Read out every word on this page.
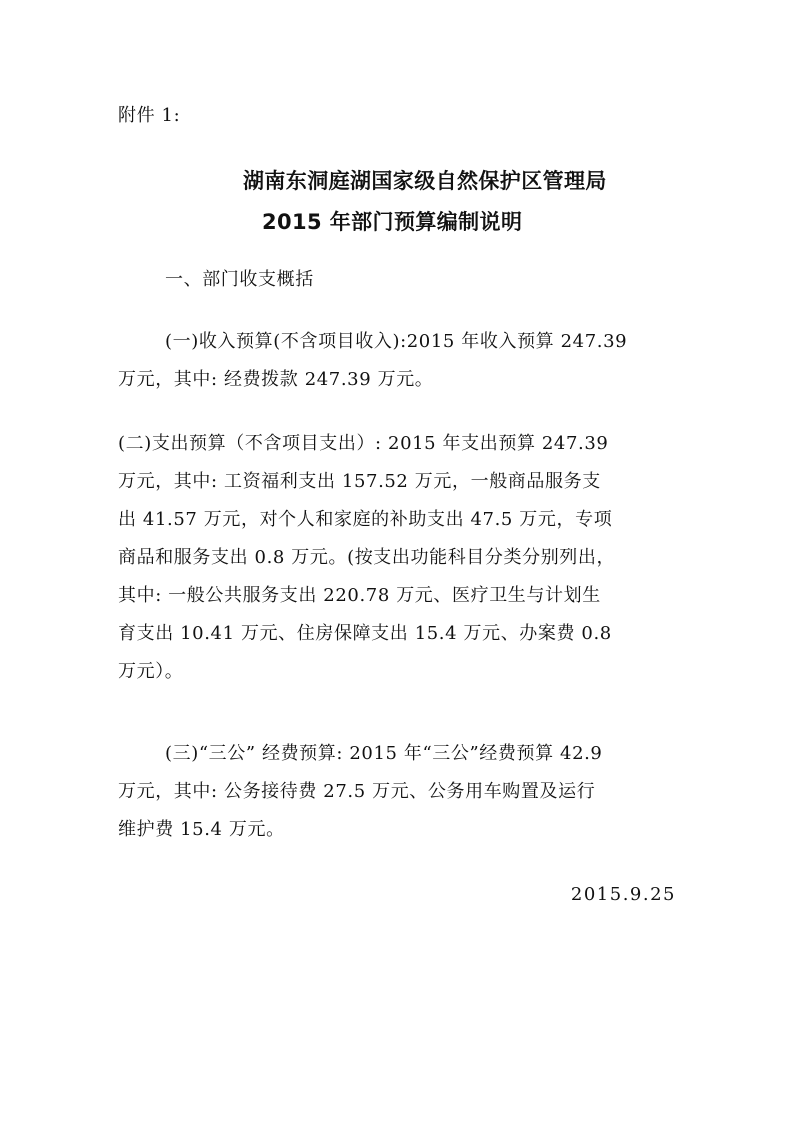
附件 1:
湖南东洞庭湖国家级自然保护区管理局
2015 年部门预算编制说明
一、部门收支概括
(一)收入预算(不含项目收入):2015 年收入预算 247.39
万元，其中: 经费拨款 247.39 万元。
(二)支出预算（不含项目支出）: 2015 年支出预算 247.39
万元，其中: 工资福利支出 157.52 万元，一般商品服务支
出 41.57 万元，对个人和家庭的补助支出 47.5 万元，专项
商品和服务支出 0.8 万元。(按支出功能科目分类分别列出，
其中: 一般公共服务支出 220.78 万元、医疗卫生与计划生
育支出 10.41 万元、住房保障支出 15.4 万元、办案费 0.8
万元）。
(三)“三公” 经费预算: 2015 年“三公”经费预算 42.9
万元，其中: 公务接待费 27.5 万元、公务用车购置及运行
维护费 15.4 万元。
2015.9.25
